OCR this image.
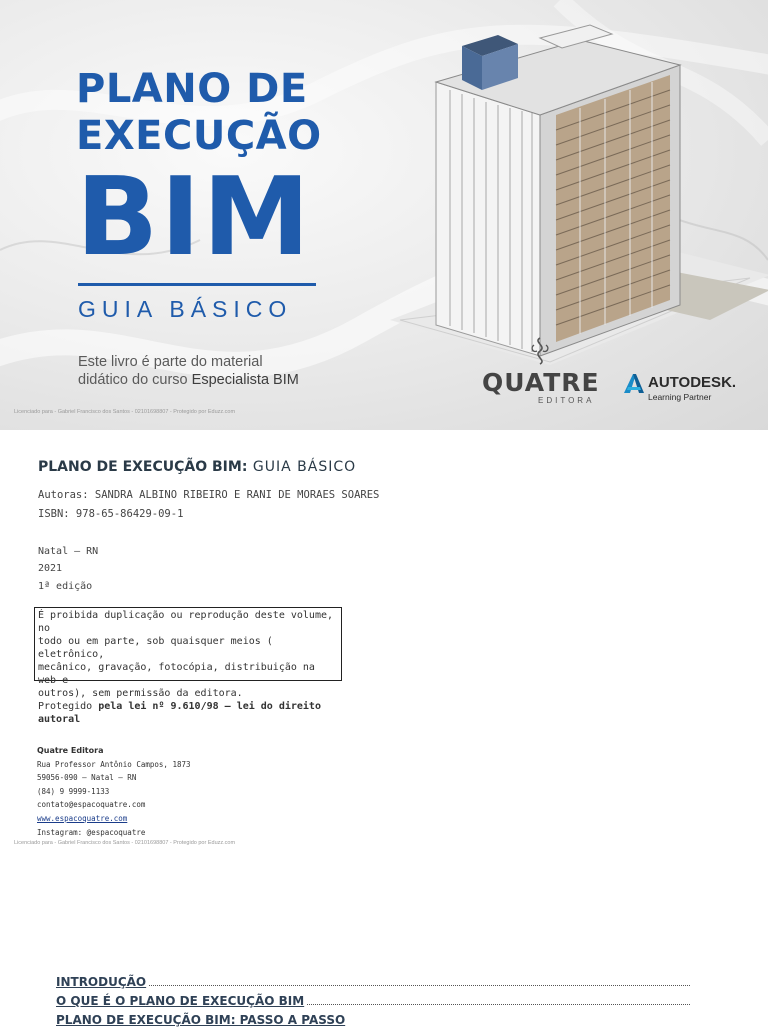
PLANO DE
EXECUÇÃO
BIM
GUIA BÁSICO
Este livro é parte do material
didático do curso Especialista BIM	QUATRE
EDITORA
AUTODESK.
Learning Partner
Licenciado para - Gabriel Francisco dos Santos - 02101698807 - Protegido por Eduzz.com
PLANO DE EXECUÇÃO BIM: GUIA BÁSICO
Autoras: SANDRA ALBINO RIBEIRO E RANI DE MORAES SOARES
ISBN: 978-65-86429-09-1
Natal – RN
2021
1ª edição
É proibida duplicação ou reprodução deste volume, no
todo ou em parte, sob quaisquer meios ( eletrônico,
mecânico, gravação, fotocópia, distribuição na web e
outros), sem permissão da editora.
Protegido pela lei nº 9.610/98 – lei do direito autoral
Quatre Editora
Rua Professor Antônio Campos, 1873
59056-090 – Natal – RN
(84) 9 9999-1133
contato@espacoquatre.com
www.espacoquatre.com
Instagram: @espacoquatre
Licenciado para - Gabriel Francisco dos Santos - 02101698807 - Protegido por Eduzz.com
INTRODUÇÃO
O QUE É O PLANO DE EXECUÇÃO BIM
PLANO DE EXECUÇÃO BIM: PASSO A PASSO
